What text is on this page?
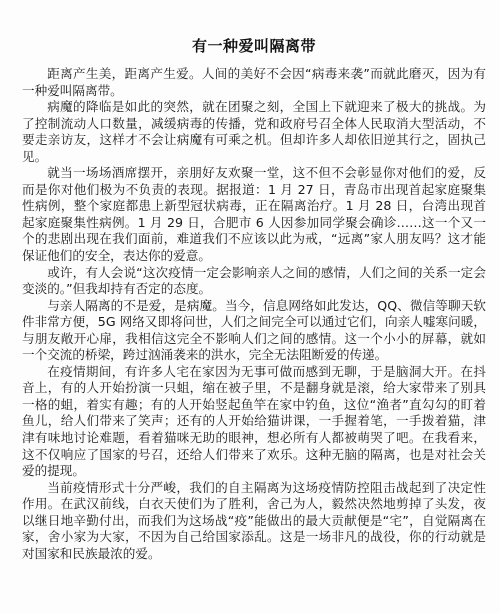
有一种爱叫隔离带

距离产生美，距离产生爱。人间的美好不会因“病毒来袭”而就此磨灭，因为有一种爱叫隔离带。

病魔的降临是如此的突然，就在团聚之刻，全国上下就迎来了极大的挑战。为了控制流动人口数量，减缓病毒的传播，党和政府号召全体人民取消大型活动，不要走亲访友，这样才不会让病魔有可乘之机。但却许多人却依旧逆其行之，固执己见。

就当一场场酒席摆开，亲朋好友欢聚一堂，这不但不会彰显你对他们的爱，反而是你对他们极为不负责的表现。据报道：1 月 27 日，青岛市出现首起家庭聚集性病例，整个家庭都患上新型冠状病毒，正在隔离治疗。1 月 28 日，台湾出现首起家庭聚集性病例。1 月 29 日，合肥市 6 人因参加同学聚会确诊……这一个又一个的悲剧出现在我们面前，难道我们不应该以此为戒，“远离”家人朋友吗？这才能保证他们的安全，表达你的爱意。

或许，有人会说“这次疫情一定会影响亲人之间的感情，人们之间的关系一定会变淡的。”但我却持有否定的态度。

与亲人隔离的不是爱，是病魔。当今，信息网络如此发达，QQ、微信等聊天软件非常方便，5G 网络又即将问世，人们之间完全可以通过它们，向亲人嘘寒问暖，与朋友敞开心扉，我相信这完全不影响人们之间的感情。这一个小小的屏幕，就如一个交流的桥梁，跨过汹涌袭来的洪水，完全无法阻断爱的传递。

在疫情期间，有许多人宅在家因为无事可做而感到无聊，于是脑洞大开。在抖音上，有的人开始扮演一只蛆，缩在被子里，不是翻身就是滚，给大家带来了别具一格的蛆，着实有趣；有的人开始竖起鱼竿在家中钓鱼，这位“渔者”直勾勾的盯着鱼儿，给人们带来了笑声；还有的人开始给猫讲课，一手握着笔，一手拨着猫，津津有味地讨论难题，看着猫咪无助的眼神，想必所有人都被萌哭了吧。在我看来，这不仅响应了国家的号召，还给人们带来了欢乐。这种无脑的隔离，也是对社会关爱的提现。

当前疫情形式十分严峻，我们的自主隔离为这场疫情防控阻击战起到了决定性作用。在武汉前线，白衣天使们为了胜利，舍己为人，毅然决然地剪掉了头发，夜以继日地辛勤付出，而我们为这场战“疫”能做出的最大贡献便是“宅”，自觉隔离在家，舍小家为大家，不因为自己给国家添乱。这是一场非凡的战役，你的行动就是对国家和民族最浓的爱。
